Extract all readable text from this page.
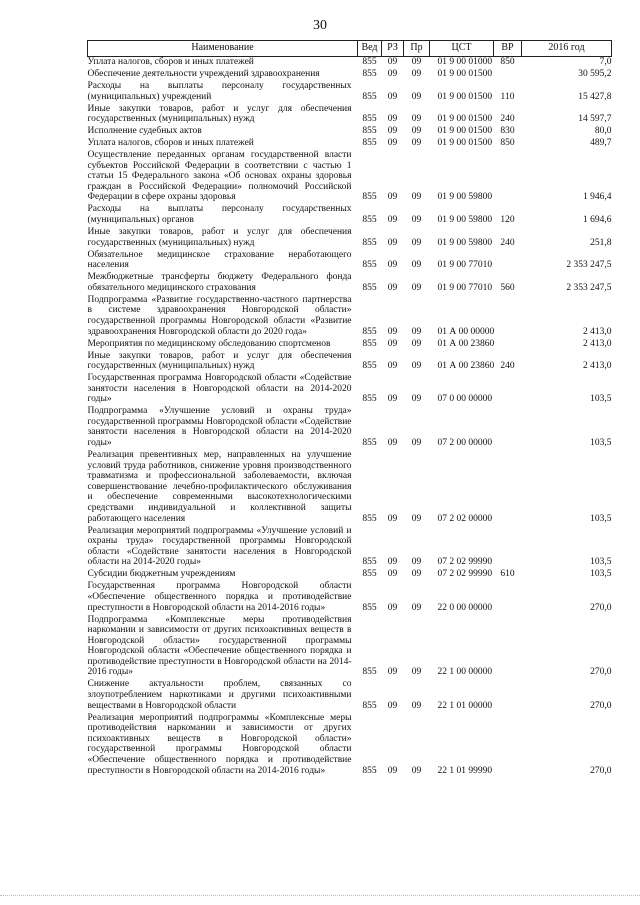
30
Наименование	Вед	РЗ	Пр	ЦСТ	ВР	2016 год
Уплата налогов, сборов и иных платежей	855	09	09	01 9 00 01000	850	7,0
Обеспечение деятельности учреждений здравоохранения	855	09	09	01 9 00 01500		30 595,2
Расходы на выплаты персоналу государственных (муниципальных) учреждений	855	09	09	01 9 00 01500	110	15 427,8
Иные закупки товаров, работ и услуг для обеспечения государственных (муниципальных) нужд	855	09	09	01 9 00 01500	240	14 597,7
Исполнение судебных актов	855	09	09	01 9 00 01500	830	80,0
Уплата налогов, сборов и иных платежей	855	09	09	01 9 00 01500	850	489,7
Осуществление переданных органам государственной власти субъектов Российской Федерации в соответствии с частью 1 статьи 15 Федерального закона «Об основах охраны здоровья граждан в Российской Федерации» полномочий Российской Федерации в сфере охраны здоровья	855	09	09	01 9 00 59800		1 946,4
Расходы на выплаты персоналу государственных (муниципальных) органов	855	09	09	01 9 00 59800	120	1 694,6
Иные закупки товаров, работ и услуг для обеспечения государственных (муниципальных) нужд	855	09	09	01 9 00 59800	240	251,8
Обязательное медицинское страхование неработающего населения	855	09	09	01 9 00 77010		2 353 247,5
Межбюджетные трансферты бюджету Федерального фонда обязательного медицинского страхования	855	09	09	01 9 00 77010	560	2 353 247,5
Подпрограмма «Развитие государственно-частного партнерства в системе здравоохранения Новгородской области» государственной программы Новгородской области «Развитие здравоохранения Новгородской области до 2020 года»	855	09	09	01 А 00 00000		2 413,0
Мероприятия по медицинскому обследованию спортсменов	855	09	09	01 А 00 23860		2 413,0
Иные закупки товаров, работ и услуг для обеспечения государственных (муниципальных) нужд	855	09	09	01 А 00 23860	240	2 413,0
Государственная программа Новгородской области «Содействие занятости населения в Новгородской области на 2014-2020 годы»	855	09	09	07 0 00 00000		103,5
Подпрограмма «Улучшение условий и охраны труда» государственной программы Новгородской области «Содействие занятости населения в Новгородской области на 2014-2020 годы»	855	09	09	07 2 00 00000		103,5
Реализация превентивных мер, направленных на улучшение условий труда работников, снижение уровня производственного травматизма и профессиональной заболеваемости, включая совершенствование лечебно-профилактического обслуживания и обеспечение современными высокотехнологическими средствами индивидуальной и коллективной защиты работающего населения	855	09	09	07 2 02 00000		103,5
Реализация мероприятий подпрограммы «Улучшение условий и охраны труда» государственной программы Новгородской области «Содействие занятости населения в Новгородской области на 2014-2020 годы»	855	09	09	07 2 02 99990		103,5
Субсидии бюджетным учреждениям	855	09	09	07 2 02 99990	610	103,5
Государственная программа Новгородской области «Обеспечение общественного порядка и противодействие преступности в Новгородской области на 2014-2016 годы»	855	09	09	22 0 00 00000		270,0
Подпрограмма «Комплексные меры противодействия наркомании и зависимости от других психоактивных веществ в Новгородской области» государственной программы Новгородской области «Обеспечение общественного порядка и противодействие преступности в Новгородской области на 2014-2016 годы»	855	09	09	22 1 00 00000		270,0
Снижение актуальности проблем, связанных со злоупотреблением наркотиками и другими психоактивными веществами в Новгородской области	855	09	09	22 1 01 00000		270,0
Реализация мероприятий подпрограммы «Комплексные меры противодействия наркомании и зависимости от других психоактивных веществ в Новгородской области» государственной программы Новгородской области «Обеспечение общественного порядка и противодействие преступности в Новгородской области на 2014-2016 годы»	855	09	09	22 1 01 99990		270,0
